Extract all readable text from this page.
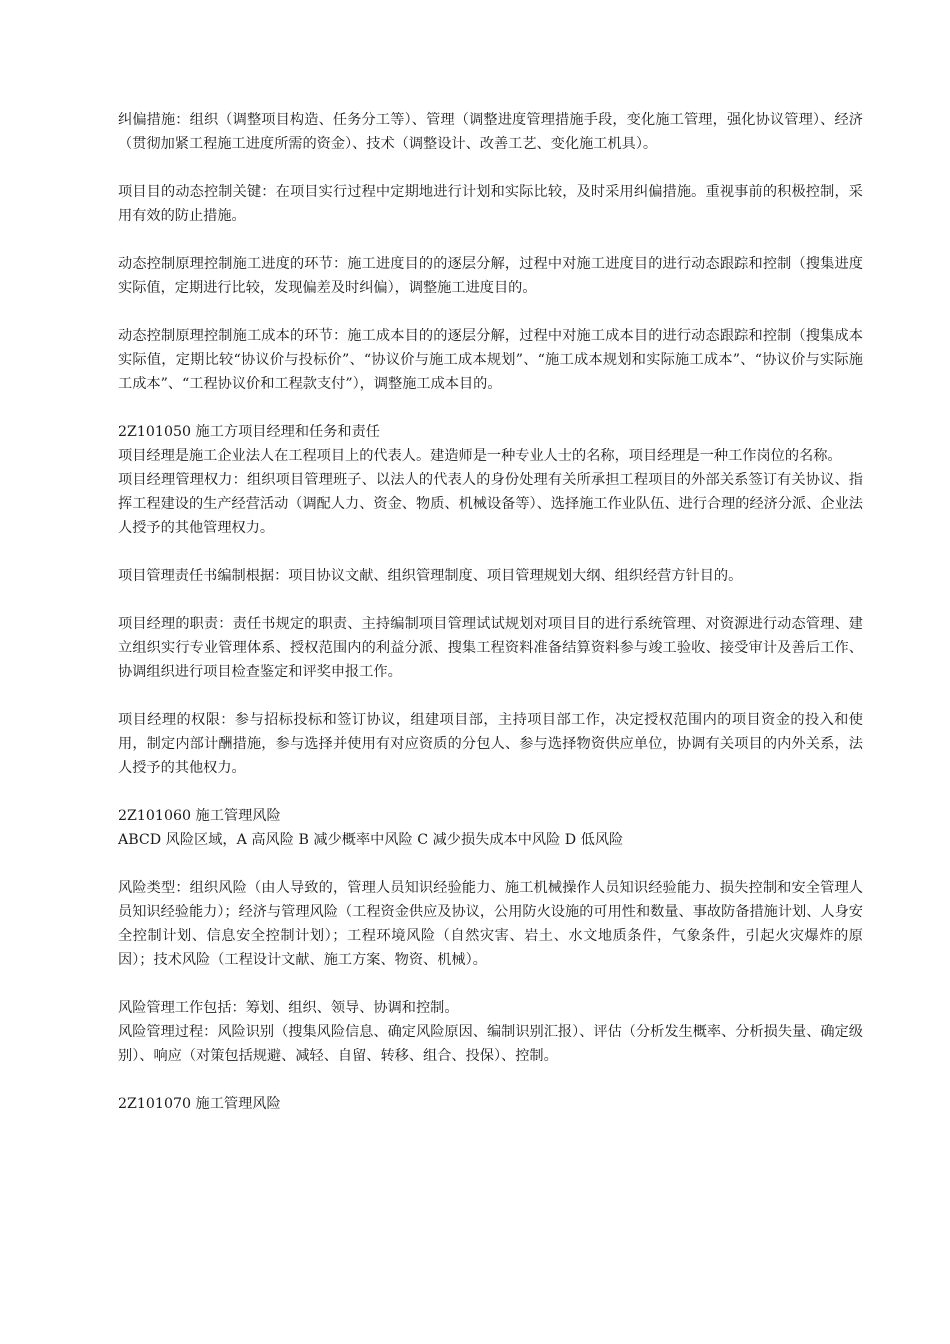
纠偏措施：组织（调整项目构造、任务分工等）、管理（调整进度管理措施手段，变化施工管理，强化协议管理）、经济（贯彻加紧工程施工进度所需的资金）、技术（调整设计、改善工艺、变化施工机具）。

项目目的动态控制关键：在项目实行过程中定期地进行计划和实际比较，及时采用纠偏措施。重视事前的积极控制，采用有效的防止措施。

动态控制原理控制施工进度的环节：施工进度目的的逐层分解，过程中对施工进度目的进行动态跟踪和控制（搜集进度实际值，定期进行比较，发现偏差及时纠偏），调整施工进度目的。

动态控制原理控制施工成本的环节：施工成本目的的逐层分解，过程中对施工成本目的进行动态跟踪和控制（搜集成本实际值，定期比较“协议价与投标价”、“协议价与施工成本规划”、“施工成本规划和实际施工成本”、“协议价与实际施工成本”、“工程协议价和工程款支付”），调整施工成本目的。

2Z101050 施工方项目经理和任务和责任

项目经理是施工企业法人在工程项目上的代表人。建造师是一种专业人士的名称，项目经理是一种工作岗位的名称。

项目经理管理权力：组织项目管理班子、以法人的代表人的身份处理有关所承担工程项目的外部关系签订有关协议、指挥工程建设的生产经营活动（调配人力、资金、物质、机械设备等）、选择施工作业队伍、进行合理的经济分派、企业法人授予的其他管理权力。

项目管理责任书编制根据：项目协议文献、组织管理制度、项目管理规划大纲、组织经营方针目的。

项目经理的职责：责任书规定的职责、主持编制项目管理试试规划对项目目的进行系统管理、对资源进行动态管理、建立组织实行专业管理体系、授权范围内的利益分派、搜集工程资料准备结算资料参与竣工验收、接受审计及善后工作、协调组织进行项目检查鉴定和评奖申报工作。

项目经理的权限：参与招标投标和签订协议，组建项目部，主持项目部工作，决定授权范围内的项目资金的投入和使用，制定内部计酬措施，参与选择并使用有对应资质的分包人、参与选择物资供应单位，协调有关项目的内外关系，法人授予的其他权力。

2Z101060 施工管理风险

ABCD 风险区域，A 高风险 B 减少概率中风险 C 减少损失成本中风险 D 低风险

风险类型：组织风险（由人导致的，管理人员知识经验能力、施工机械操作人员知识经验能力、损失控制和安全管理人员知识经验能力）；经济与管理风险（工程资金供应及协议，公用防火设施的可用性和数量、事故防备措施计划、人身安全控制计划、信息安全控制计划）；工程环境风险（自然灾害、岩土、水文地质条件，气象条件，引起火灾爆炸的原因）；技术风险（工程设计文献、施工方案、物资、机械）。

风险管理工作包括：筹划、组织、领导、协调和控制。

风险管理过程：风险识别（搜集风险信息、确定风险原因、编制识别汇报）、评估（分析发生概率、分析损失量、确定级别）、响应（对策包括规避、减轻、自留、转移、组合、投保）、控制。

2Z101070 施工管理风险
